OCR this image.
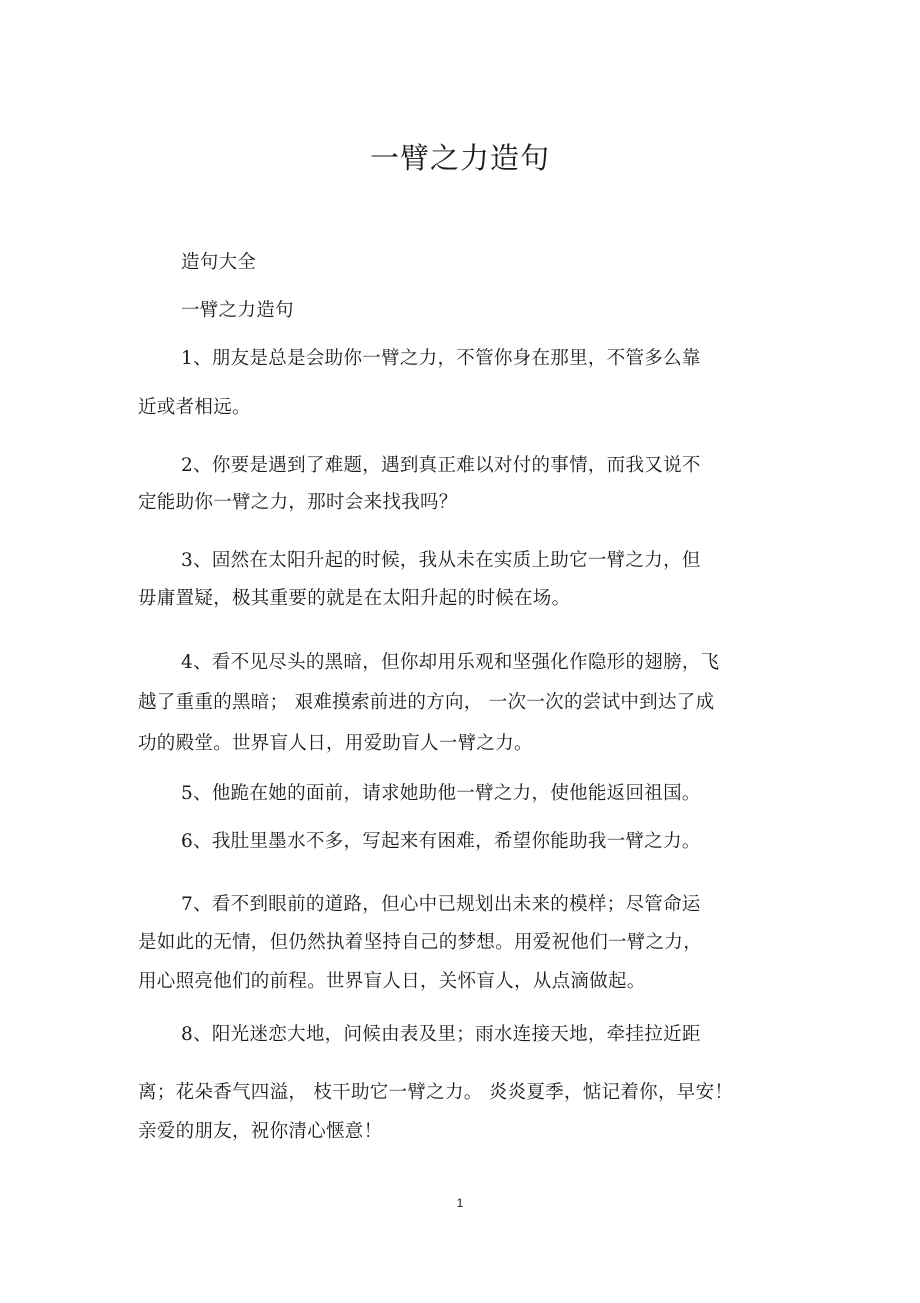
一臂之力造句
造句大全
一臂之力造句
1、朋友是总是会助你一臂之力，不管你身在那里，不管多么靠
近或者相远。
2、你要是遇到了难题，遇到真正难以对付的事情，而我又说不
定能助你一臂之力，那时会来找我吗？
3、固然在太阳升起的时候，我从未在实质上助它一臂之力，但
毋庸置疑，极其重要的就是在太阳升起的时候在场。
4、看不见尽头的黑暗，但你却用乐观和坚强化作隐形的翅膀，飞
越了重重的黑暗； 艰难摸索前进的方向， 一次一次的尝试中到达了成
功的殿堂。世界盲人日，用爱助盲人一臂之力。
5、他跪在她的面前，请求她助他一臂之力，使他能返回祖国。
6、我肚里墨水不多，写起来有困难，希望你能助我一臂之力。
7、看不到眼前的道路，但心中已规划出未来的模样；尽管命运
是如此的无情，但仍然执着坚持自己的梦想。用爱祝他们一臂之力，
用心照亮他们的前程。世界盲人日，关怀盲人，从点滴做起。
8、阳光迷恋大地，问候由表及里；雨水连接天地，牵挂拉近距
离；花朵香气四溢， 枝干助它一臂之力。 炎炎夏季，惦记着你，早安！
亲爱的朋友，祝你清心惬意！
1
